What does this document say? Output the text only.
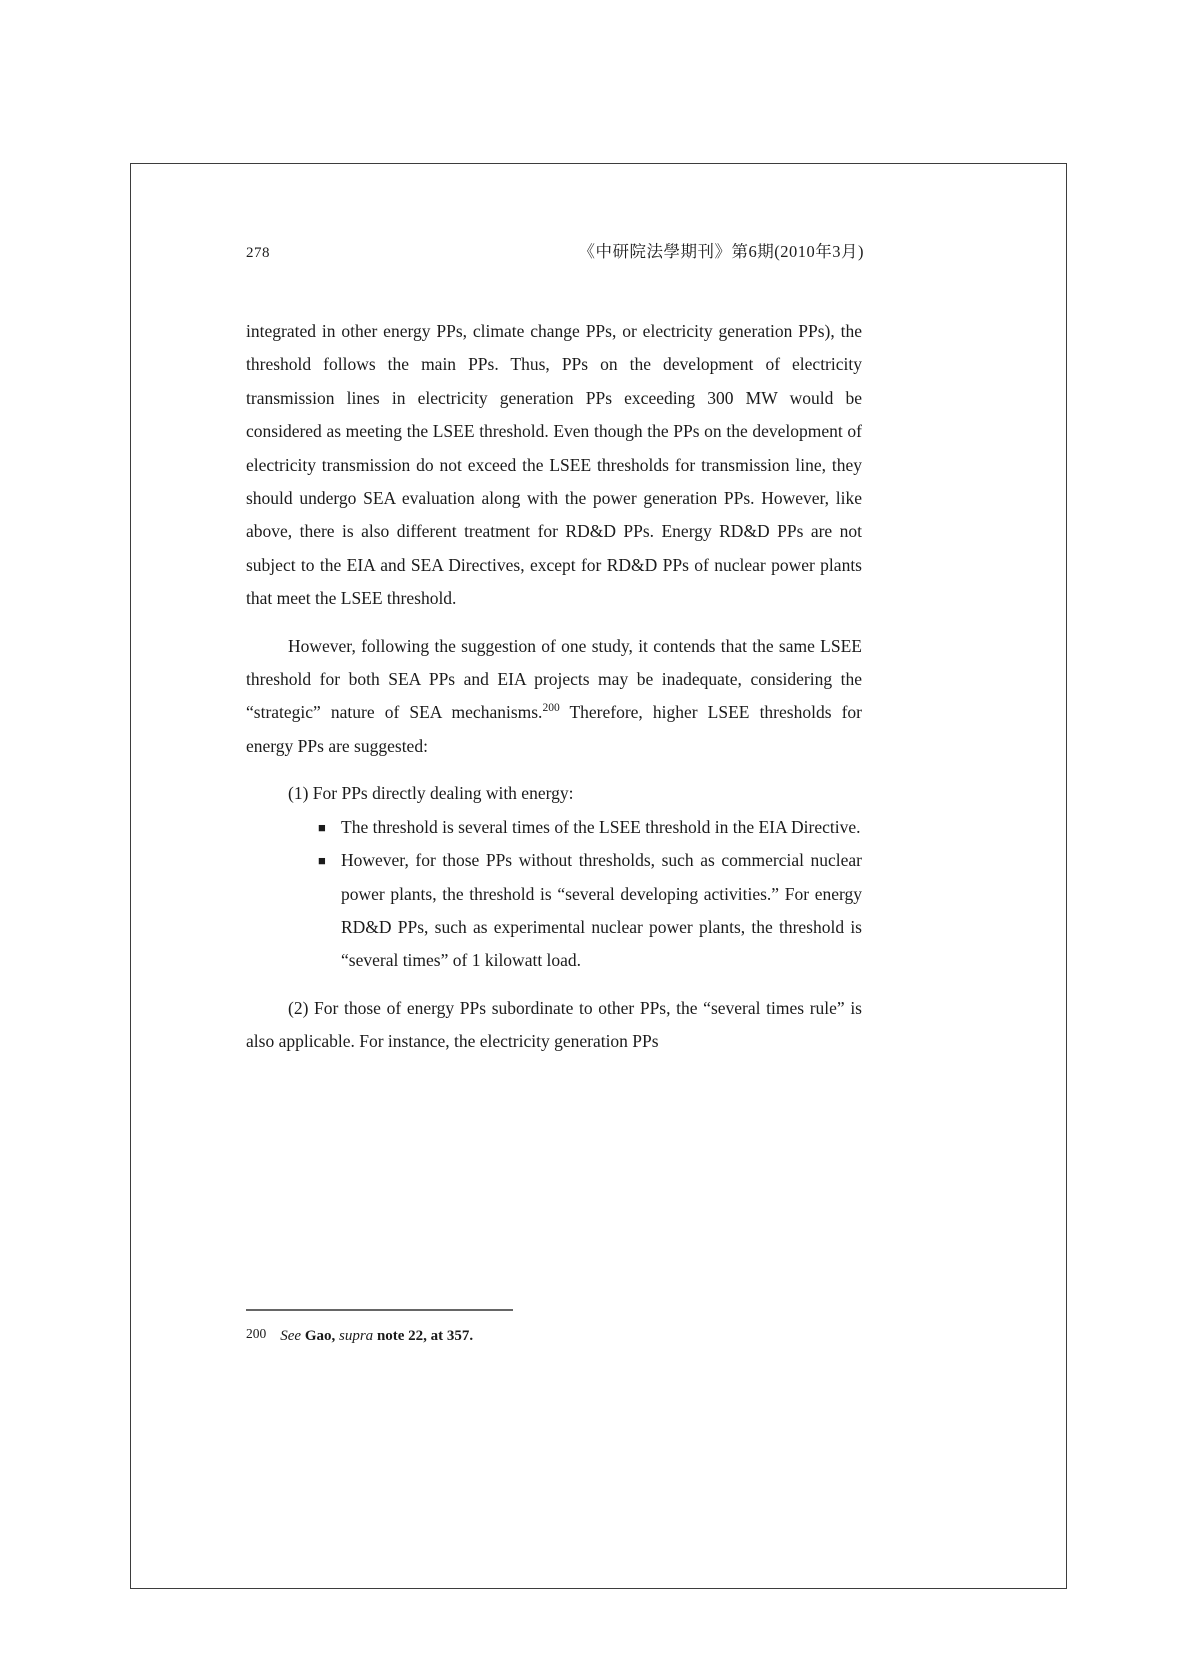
278	《中研院法學期刊》第6期(2010年3月)

integrated in other energy PPs, climate change PPs, or electricity generation PPs), the threshold follows the main PPs. Thus, PPs on the development of electricity transmission lines in electricity generation PPs exceeding 300 MW would be considered as meeting the LSEE threshold. Even though the PPs on the development of electricity transmission do not exceed the LSEE thresholds for transmission line, they should undergo SEA evaluation along with the power generation PPs. However, like above, there is also different treatment for RD&D PPs. Energy RD&D PPs are not subject to the EIA and SEA Directives, except for RD&D PPs of nuclear power plants that meet the LSEE threshold.

However, following the suggestion of one study, it contends that the same LSEE threshold for both SEA PPs and EIA projects may be inadequate, considering the “strategic” nature of SEA mechanisms.$^{200}$ Therefore, higher LSEE thresholds for energy PPs are suggested:

(1) For PPs directly dealing with energy:

■ The threshold is several times of the LSEE threshold in the EIA Directive.
■ However, for those PPs without thresholds, such as commercial nuclear power plants, the threshold is “several developing activities.” For energy RD&D PPs, such as experimental nuclear power plants, the threshold is “several times” of 1 kilowatt load.

(2) For those of energy PPs subordinate to other PPs, the “several times rule” is also applicable. For instance, the electricity generation PPs

200 See Gao, supra note 22, at 357.
